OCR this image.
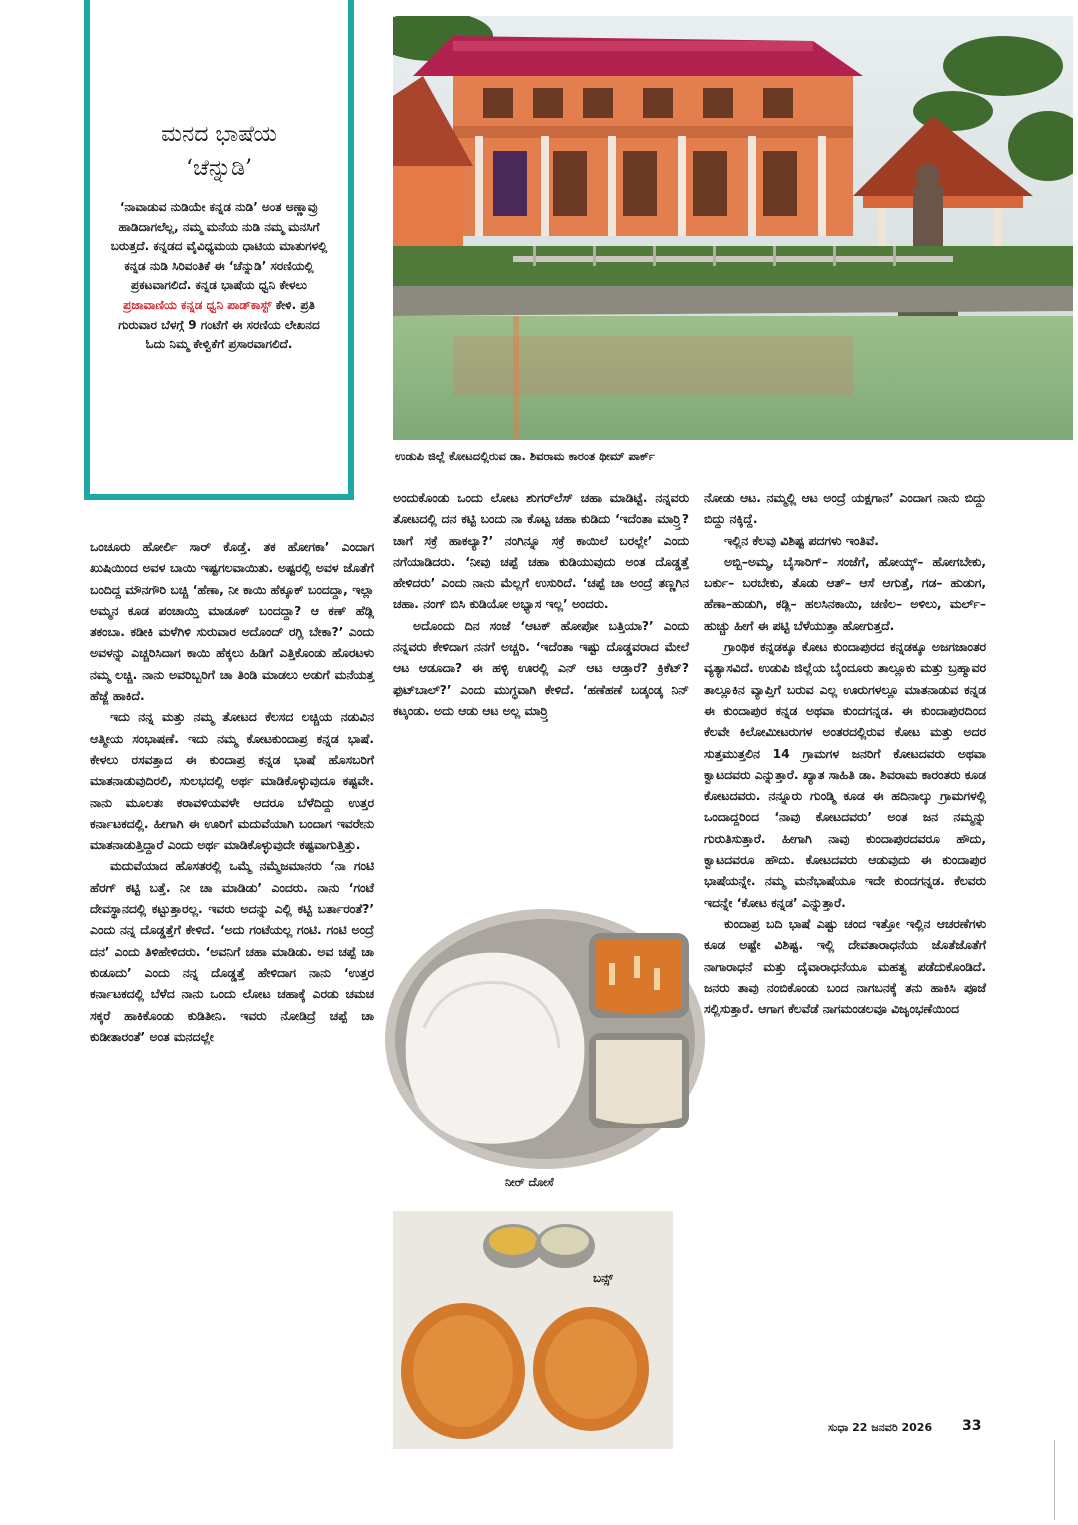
ಮನದ ಭಾಷೆಯ
‘ಚೆನ್ನುಡಿ’

‘ನಾವಾಡುವ ನುಡಿಯೇ ಕನ್ನಡ ನುಡಿ’ ಅಂತ ಅಣ್ಣಾವ್ರು ಹಾಡಿದಾಗಲೆಲ್ಲ, ನಮ್ಮ ಮನೆಯ ನುಡಿ ನಮ್ಮ ಮನಸಿಗೆ ಬರುತ್ತದೆ. ಕನ್ನಡದ ವೈವಿಧ್ಯಮಯ ಧಾಟಿಯ ಮಾತುಗಳಲ್ಲಿ ಕನ್ನಡ ನುಡಿ ಸಿರಿವಂತಿಕೆ ಈ ‘ಚೆನ್ನುಡಿ’ ಸರಣಿಯಲ್ಲಿ ಪ್ರಕಟವಾಗಲಿದೆ. ಕನ್ನಡ ಭಾಷೆಯ ಧ್ವನಿ ಕೇಳಲು ಪ್ರಜಾವಾಣಿಯ ಕನ್ನಡ ಧ್ವನಿ ಪಾಡ್‌ಕಾಸ್ಟ್ ಕೇಳಿ. ಪ್ರತಿ ಗುರುವಾರ ಬೆಳಗ್ಗೆ 9 ಗಂಟೆಗೆ ಈ ಸರಣಿಯ ಲೇಖನದ ಓದು ನಿಮ್ಮ ಕೇಳ್ವಿಕೆಗೆ ಪ್ರಸಾರವಾಗಲಿದೆ.

ಉಡುಪಿ ಜಿಲ್ಲೆ ಕೋಟದಲ್ಲಿರುವ ಡಾ. ಶಿವರಾಮ ಕಾರಂತ ಥೀಮ್ ಪಾರ್ಕ್

ಒಂಚೂರು ಹೋರ್ಲಿ ಸಾರ್ ಕೊಡ್ತೆ. ತಕ ಹೋಗಕಾ’ ಎಂದಾಗ ಖುಷಿಯಿಂದ ಅವಳ ಬಾಯಿ ಇಷ್ಟಗಲವಾಯಿತು. ಅಷ್ಟರಲ್ಲಿ ಅವಳ ಜೊತೆಗೆ ಬಂದಿದ್ದ ಮೌನಗೌರಿ ಬಚ್ಚಿ ‘ಹೆಣಾ, ನೀ ಕಾಯಿ ಹೆಕ್ಕೂಕ್ ಬಂದದ್ದಾ, ಇಲ್ಲಾ ಅಮ್ಮನ ಕೂಡ ಪಂಚಾಯ್ತಿ ಮಾಡೂಕ್ ಬಂದದ್ದಾ? ಆ ಕಣ್ ಹೆಡ್ಲಿ ತಕಂಬಾ. ಕಡೀಕಿ ಮಳೆಗಿಳಿ ಸುರುವಾರ ಅದೊಂದ್ ರಗ್ಲಿ ಬೇಕಾ?’ ಎಂದು ಅವಳನ್ನು ಎಚ್ಚರಿಸಿದಾಗ ಕಾಯಿ ಹೆಕ್ಕಲು ಹಿಡಿಗೆ ಎತ್ತಿಕೊಂಡು ಹೊರಟಳು ನಮ್ಮ ಲಚ್ಚಿ. ನಾನು ಅವರಿಬ್ಬರಿಗೆ ಚಾ ತಿಂಡಿ ಮಾಡಲು ಅಡುಗೆ ಮನೆಯತ್ತ ಹೆಜ್ಜೆ ಹಾಕಿದೆ.

ಇದು ನನ್ನ ಮತ್ತು ನಮ್ಮ ತೋಟದ ಕೆಲಸದ ಲಚ್ಚಿಯ ನಡುವಿನ ಆತ್ಮೀಯ ಸಂಭಾಷಣೆ. ಇದು ನಮ್ಮ ಕೋಟಕುಂದಾಪ್ರ ಕನ್ನಡ ಭಾಷೆ. ಕೇಳಲು ರಸವತ್ತಾದ ಈ ಕುಂದಾಪ್ರ ಕನ್ನಡ ಭಾಷೆ ಹೊಸಬರಿಗೆ ಮಾತನಾಡುವುದಿರಲಿ, ಸುಲಭದಲ್ಲಿ ಅರ್ಥ ಮಾಡಿಕೊಳ್ಳುವುದೂ ಕಷ್ಟವೇ. ನಾನು ಮೂಲತಃ ಕರಾವಳಿಯವಳೇ ಆದರೂ ಬೆಳೆದಿದ್ದು ಉತ್ತರ ಕರ್ನಾಟಕದಲ್ಲಿ. ಹೀಗಾಗಿ ಈ ಊರಿಗೆ ಮದುವೆಯಾಗಿ ಬಂದಾಗ ಇವರೇನು ಮಾತನಾಡುತ್ತಿದ್ದಾರೆ ಎಂದು ಅರ್ಥ ಮಾಡಿಕೊಳ್ಳುವುದೇ ಕಷ್ಟವಾಗುತ್ತಿತ್ತು.

ಮದುವೆಯಾದ ಹೊಸತರಲ್ಲಿ ಒಮ್ಮೆ ನಮ್ಮೆಜಮಾನರು ‘ನಾ ಗಂಟಿ ಹೆರಗ್ ಕಟ್ಟಿ ಬತ್ತೆ. ನೀ ಚಾ ಮಾಡಿಡು’ ಎಂದರು. ನಾನು ‘ಗಂಟೆ ದೇವಸ್ಥಾನದಲ್ಲಿ ಕಟ್ಟುತ್ತಾರಲ್ಲ. ಇವರು ಅದನ್ನು ಎಲ್ಲಿ ಕಟ್ಟಿ ಬರ್ತಾರಂತೆ?’ ಎಂದು ನನ್ನ ದೊಡ್ಡತ್ತೆಗೆ ಕೇಳಿದೆ. ‘ಅದು ಗಂಟೆಯಲ್ಲ ಗಂಟಿ. ಗಂಟಿ ಅಂದ್ರೆ ದನ’ ಎಂದು ತಿಳಿಹೇಳಿದರು. ‘ಅವನಿಗೆ ಚಹಾ ಮಾಡಿಡು. ಅವ ಚಪ್ಪೆ ಚಾ ಕುಡೂದು’ ಎಂದು ನನ್ನ ದೊಡ್ಡತ್ತೆ ಹೇಳಿದಾಗ ನಾನು ‘ಉತ್ತರ ಕರ್ನಾಟಕದಲ್ಲಿ ಬೆಳೆದ ನಾನು ಒಂದು ಲೋಟ ಚಹಾಕ್ಕೆ ಎರಡು ಚಮಚ ಸಕ್ಕರೆ ಹಾಕಿಕೊಂಡು ಕುಡಿತೀನಿ. ಇವರು ನೋಡಿದ್ರೆ ಚಪ್ಪೆ ಚಾ ಕುಡೀತಾರಂತೆ’ ಅಂತ ಮನದಲ್ಲೇ

ಅಂದುಕೊಂಡು ಒಂದು ಲೋಟ ಶುಗರ್‌ಲೆಸ್ ಚಹಾ ಮಾಡಿಟ್ಟೆ. ನನ್ನವರು ತೋಟದಲ್ಲಿ ದನ ಕಟ್ಟಿ ಬಂದು ನಾ ಕೊಟ್ಟ ಚಹಾ ಕುಡಿದು ‘ಇದೆಂತಾ ಮಾರ್‍ರ್ತಿ? ಚಾಗೆ ಸಕ್ರೆ ಹಾಕಲ್ಯಾ?’ ನಂಗಿನ್ನೂ ಸಕ್ರೆ ಕಾಯಿಲೆ ಬರಲ್ಲೇ’ ಎಂದು ನಗೆಯಾಡಿದರು. ‘ನೀವು ಚಪ್ಪೆ ಚಹಾ ಕುಡಿಯುವುದು ಅಂತ ದೊಡ್ಡತ್ತೆ ಹೇಳಿದರು’ ಎಂದು ನಾನು ಮೆಲ್ಲಗೆ ಉಸುರಿದೆ. ‘ಚಪ್ಪೆ ಚಾ ಅಂದ್ರೆ ತಣ್ಣಗಿನ ಚಹಾ. ನಂಗ್ ಬಿಸಿ ಕುಡಿಯೋ ಅಭ್ಯಾಸ ಇಲ್ಲ’ ಅಂದರು.

ಅದೊಂದು ದಿನ ಸಂಜೆ ‘ಆಟಕ್ ಹೋಪೋ ಬತ್ತಿಯಾ?’ ಎಂದು ನನ್ನವರು ಕೇಳಿದಾಗ ನನಗೆ ಅಚ್ಚರಿ. ‘ಇದೆಂತಾ ಇಷ್ಟು ದೊಡ್ಡವರಾದ ಮೇಲೆ ಆಟ ಆಡೂದಾ? ಈ ಹಳ್ಳಿ ಊರಲ್ಲಿ ಎನ್ ಆಟ ಆಡ್ತಾರೆ? ಕ್ರಿಕೆಟ್? ಫುಟ್‌ಬಾಲ್?’ ಎಂದು ಮುಗ್ಧವಾಗಿ ಕೇಳಿದೆ. ‘ಹಣೆಹಣೆ ಬಡ್ಕಂಡ್ಕ ನಿನ್ ಕಟ್ಕಂಡು. ಅದು ಆಡು ಆಟ ಅಲ್ಲ ಮಾರ್‍ರ್ತಿ

ನೀರ್ ದೋಸೆ
ಬನ್ಸ್

ನೋಡು ಆಟ. ನಮ್ಮಲ್ಲಿ ಆಟ ಅಂದ್ರೆ ಯಕ್ಷಗಾನ’ ಎಂದಾಗ ನಾನು ಬಿದ್ದು ಬಿದ್ದು ನಕ್ಕಿದ್ದೆ.

ಇಲ್ಲಿನ ಕೆಲವು ವಿಶಿಷ್ಟ ಪದಗಳು ಇಂತಿವೆ.

ಅಬ್ಬಿ–ಅಮ್ಮ, ಬೈಸಾರಿಗ್– ಸಂಜೆಗೆ, ಹೋಯ್ಕ್– ಹೋಗಬೇಕು, ಬರ್ಕು– ಬರಬೇಕು, ತೊಡು ಆತ್– ಆಸೆ ಆಗುತ್ತೆ, ಗಡ– ಹುಡುಗ, ಹೆಣಾ–ಹುಡುಗಿ, ಕಡ್ಲಿ– ಹಲಸಿನಕಾಯಿ, ಚಣಿಲ– ಅಳಿಲು, ಮರ್ಲ್– ಹುಚ್ಚು ಹೀಗೆ ಈ ಪಟ್ಟಿ ಬೆಳೆಯುತ್ತಾ ಹೋಗುತ್ತದೆ.

ಗ್ರಾಂಥಿಕ ಕನ್ನಡಕ್ಕೂ ಕೋಟ ಕುಂದಾಪುರದ ಕನ್ನಡಕ್ಕೂ ಅಜಗಜಾಂತರ ವ್ಯತ್ಯಾಸವಿದೆ. ಉಡುಪಿ ಜಿಲ್ಲೆಯ ಬೈಂದೂರು ತಾಲ್ಲೂಕು ಮತ್ತು ಬ್ರಹ್ಮಾವರ ತಾಲ್ಲೂಕಿನ ವ್ಯಾಪ್ತಿಗೆ ಬರುವ ಎಲ್ಲ ಊರುಗಳಲ್ಲೂ ಮಾತನಾಡುವ ಕನ್ನಡ ಈ ಕುಂದಾಪುರ ಕನ್ನಡ ಅಥವಾ ಕುಂದಗನ್ನಡ. ಈ ಕುಂದಾಪುರದಿಂದ ಕೆಲವೇ ಕಿಲೋಮೀಟರುಗಳ ಅಂತರದಲ್ಲಿರುವ ಕೋಟ ಮತ್ತು ಅದರ ಸುತ್ತಮುತ್ತಲಿನ 14 ಗ್ರಾಮಗಳ ಜನರಿಗೆ ಕೋಟದವರು ಅಥವಾ ಕ್ವಾಟದವರು ಎನ್ನುತ್ತಾರೆ. ಖ್ಯಾತ ಸಾಹಿತಿ ಡಾ. ಶಿವರಾಮ ಕಾರಂತರು ಕೂಡ ಕೋಟದವರು. ನನ್ನೂರು ಗುಂಡ್ಮಿ ಕೂಡ ಈ ಹದಿನಾಲ್ಕು ಗ್ರಾಮಗಳಲ್ಲಿ ಒಂದಾದ್ದರಿಂದ ‘ನಾವು ಕೋಟದವರು’ ಅಂತ ಜನ ನಮ್ಮನ್ನು ಗುರುತಿಸುತ್ತಾರೆ. ಹೀಗಾಗಿ ನಾವು ಕುಂದಾಪುರದವರೂ ಹೌದು, ಕ್ವಾಟದವರೂ ಹೌದು. ಕೋಟದವರು ಆಡುವುದು ಈ ಕುಂದಾಪುರ ಭಾಷೆಯನ್ನೇ. ನಮ್ಮ ಮನೆಭಾಷೆಯೂ ಇದೇ ಕುಂದಗನ್ನಡ. ಕೆಲವರು ಇದನ್ನೇ ‘ಕೋಟ ಕನ್ನಡ’ ಎನ್ನುತ್ತಾರೆ.

ಕುಂದಾಪ್ರ ಬದಿ ಭಾಷೆ ಎಷ್ಟು ಚಂದ ಇತ್ತೋ ಇಲ್ಲಿನ ಆಚರಣೆಗಳು ಕೂಡ ಅಷ್ಟೇ ವಿಶಿಷ್ಟ. ಇಲ್ಲಿ ದೇವತಾರಾಧನೆಯ ಜೊತೆಜೊತೆಗೆ ನಾಗಾರಾಧನೆ ಮತ್ತು ದೈವಾರಾಧನೆಯೂ ಮಹತ್ವ ಪಡೆದುಕೊಂಡಿದೆ. ಜನರು ತಾವು ನಂಬಿಕೊಂಡು ಬಂದ ನಾಗಬನಕ್ಕೆ ತನು ಹಾಕಿಸಿ ಪೂಜೆ ಸಲ್ಲಿಸುತ್ತಾರೆ. ಆಗಾಗ ಕೆಲವೆಡೆ ನಾಗಮಂಡಲವೂ ವಿಜೃಂಭಣೆಯಿಂದ

ಸುಧಾ 22 ಜನವರಿ 2026 33
